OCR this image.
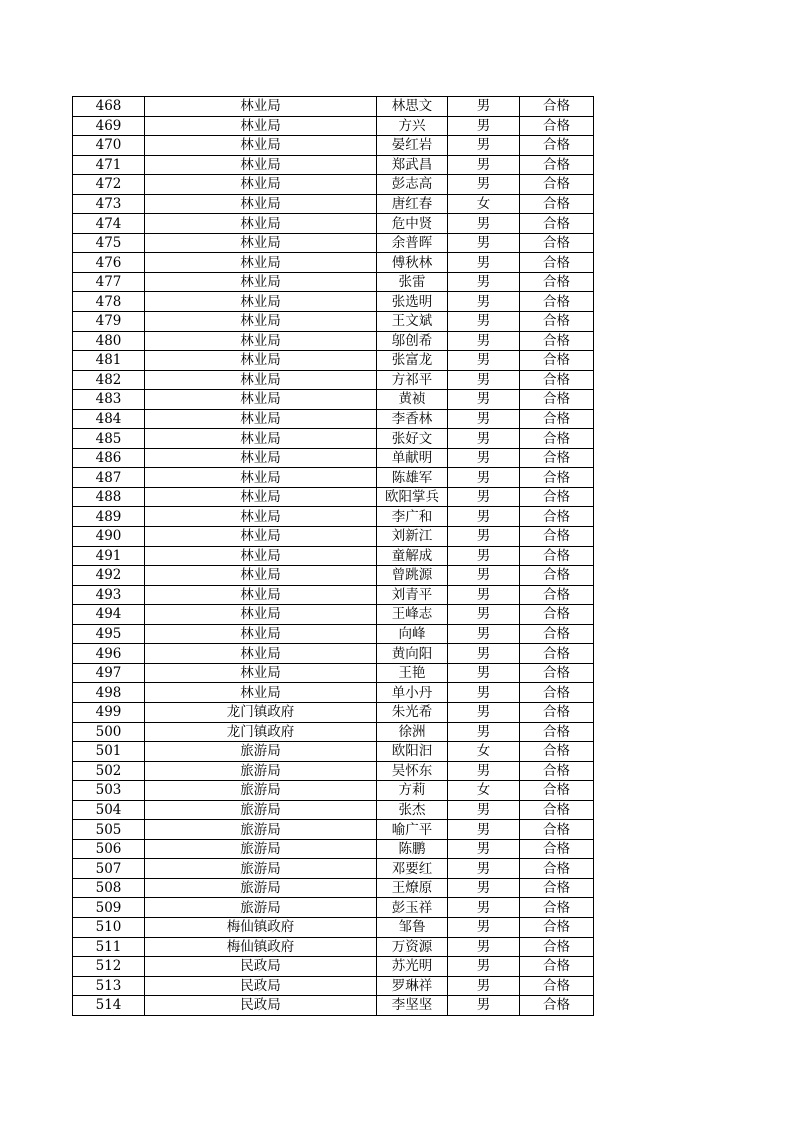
468	林业局	林思文	男	合格
469	林业局	方兴	男	合格
470	林业局	晏红岩	男	合格
471	林业局	郑武昌	男	合格
472	林业局	彭志高	男	合格
473	林业局	唐红春	女	合格
474	林业局	危中贤	男	合格
475	林业局	余普晖	男	合格
476	林业局	傅秋林	男	合格
477	林业局	张雷	男	合格
478	林业局	张选明	男	合格
479	林业局	王文斌	男	合格
480	林业局	邬创希	男	合格
481	林业局	张富龙	男	合格
482	林业局	方祁平	男	合格
483	林业局	黄祯	男	合格
484	林业局	李香林	男	合格
485	林业局	张好文	男	合格
486	林业局	单献明	男	合格
487	林业局	陈雄军	男	合格
488	林业局	欧阳掌兵	男	合格
489	林业局	李广和	男	合格
490	林业局	刘新江	男	合格
491	林业局	童解成	男	合格
492	林业局	曾跳源	男	合格
493	林业局	刘青平	男	合格
494	林业局	王峰志	男	合格
495	林业局	向峰	男	合格
496	林业局	黄向阳	男	合格
497	林业局	王艳	男	合格
498	林业局	单小丹	男	合格
499	龙门镇政府	朱光希	男	合格
500	龙门镇政府	徐洲	男	合格
501	旅游局	欧阳汩	女	合格
502	旅游局	吴怀东	男	合格
503	旅游局	方莉	女	合格
504	旅游局	张杰	男	合格
505	旅游局	喻广平	男	合格
506	旅游局	陈鹏	男	合格
507	旅游局	邓要红	男	合格
508	旅游局	王燎原	男	合格
509	旅游局	彭玉祥	男	合格
510	梅仙镇政府	邹鲁	男	合格
511	梅仙镇政府	万资源	男	合格
512	民政局	苏光明	男	合格
513	民政局	罗琳祥	男	合格
514	民政局	李坚坚	男	合格
